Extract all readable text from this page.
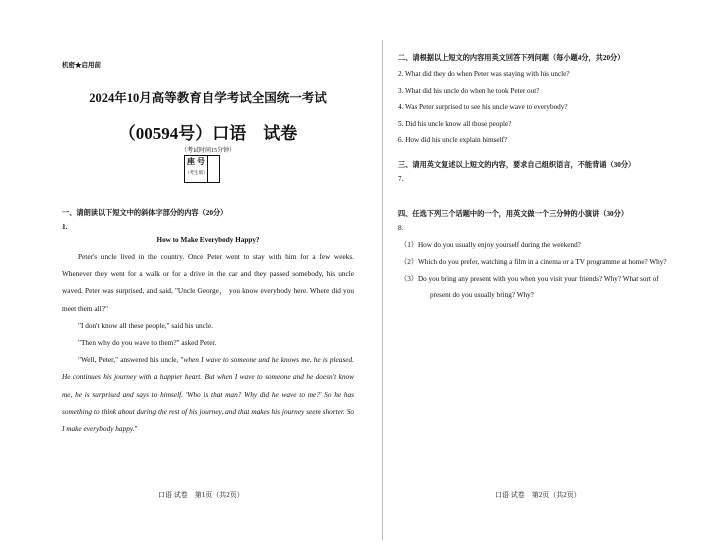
机密★启用前
2024年10月高等教育自学考试全国统一考试
（00594号）口语　试卷
（考试时间15分钟）
座 号
（考生填）
一、请朗读以下短文中的斜体字部分的内容（20分）
1.
How to Make Everybody Happy?

Peter's uncle lived in the country. Once Peter went to stay with him for a few weeks. Whenever they went for a walk or for a drive in the car and they passed somebody, his uncle waved. Peter was surprised, and said, "Uncle George， you know everybody here. Where did you meet them all?"

"I don't know all these people," said his uncle.

"Then why do you wave to them?" asked Peter.

"Well, Peter," answered his uncle, "when I wave to someone and he knows me, he is pleased. He continues his journey with a happier heart. But when I wave to someone and he doesn't know me, he is surprised and says to himself. 'Who is that man? Why did he wave to me?' So he has something to think about during the rest of his journey, and that makes his journey seem shorter. So I make everybody happy."

口语 试卷　第1页（共2页）
二、请根据以上短文的内容用英文回答下列问题（每小题4分，共20分）
2. What did they do when Peter was staying with his uncle?
3. What did his uncle do when he took Peter out?
4. Was Peter surprised to see his uncle wave to everybody?
5. Did his uncle know all those people?
6. How did his uncle explain himself?
三、请用英文复述以上短文的内容，要求自己组织语言，不能背诵（30分）
7.
四、任选下列三个话题中的一个，用英文做一个三分钟的小演讲（30分）
8.
（1）How do you usually enjoy yourself during the weekend?
（2）Which do you prefer, watching a film in a cinema or a TV programme at home? Why?
（3）Do you bring any present with you when you visit your friends? Why? What sort of
present do you usually bring? Why?
口语 试卷　第2页（共2页）
